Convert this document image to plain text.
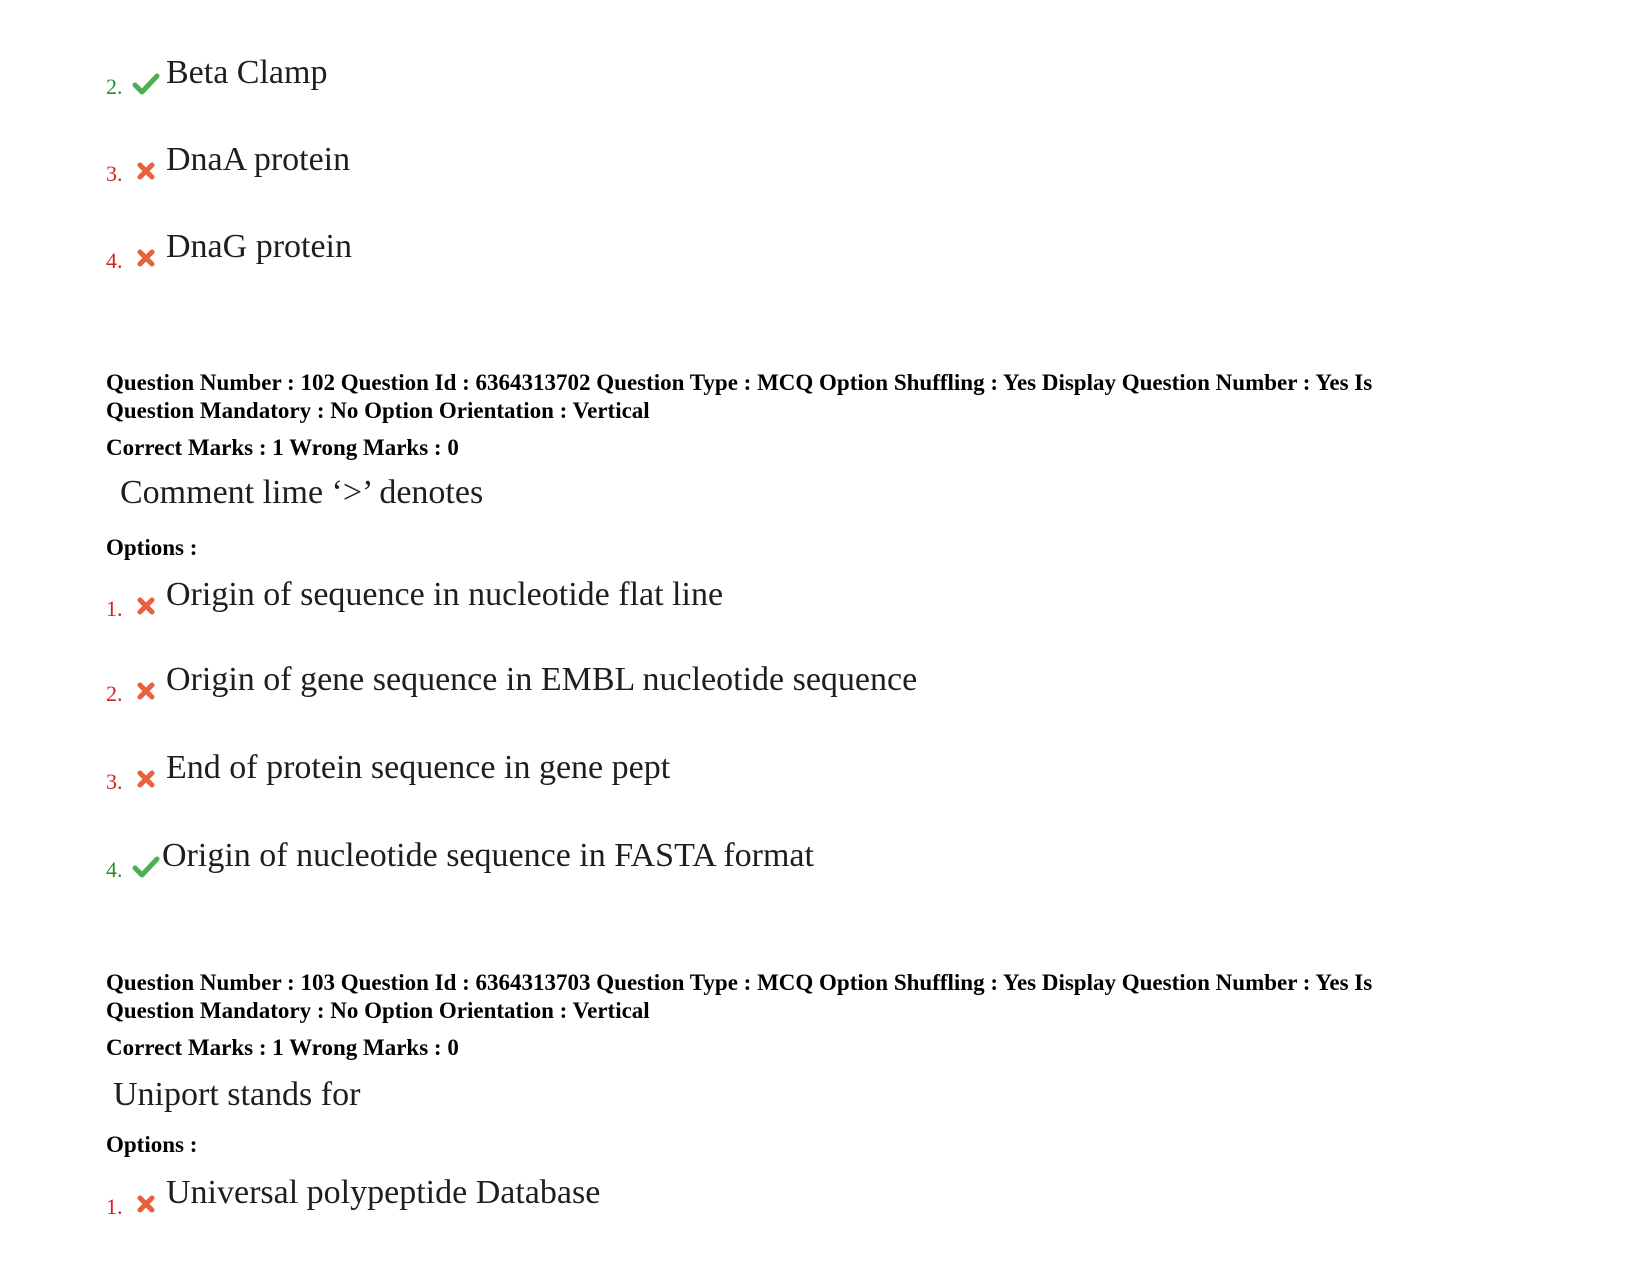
2. Beta Clamp
3. DnaA protein
4. DnaG protein
Question Number : 102 Question Id : 6364313702 Question Type : MCQ Option Shuffling : Yes Display Question Number : Yes Is
Question Mandatory : No Option Orientation : Vertical
Correct Marks : 1 Wrong Marks : 0
Comment lime ‘>’ denotes
Options :
1. Origin of sequence in nucleotide flat line
2. Origin of gene sequence in EMBL nucleotide sequence
3. End of protein sequence in gene pept
4. Origin of nucleotide sequence in FASTA format
Question Number : 103 Question Id : 6364313703 Question Type : MCQ Option Shuffling : Yes Display Question Number : Yes Is
Question Mandatory : No Option Orientation : Vertical
Correct Marks : 1 Wrong Marks : 0
Uniport stands for
Options :
1. Universal polypeptide Database
